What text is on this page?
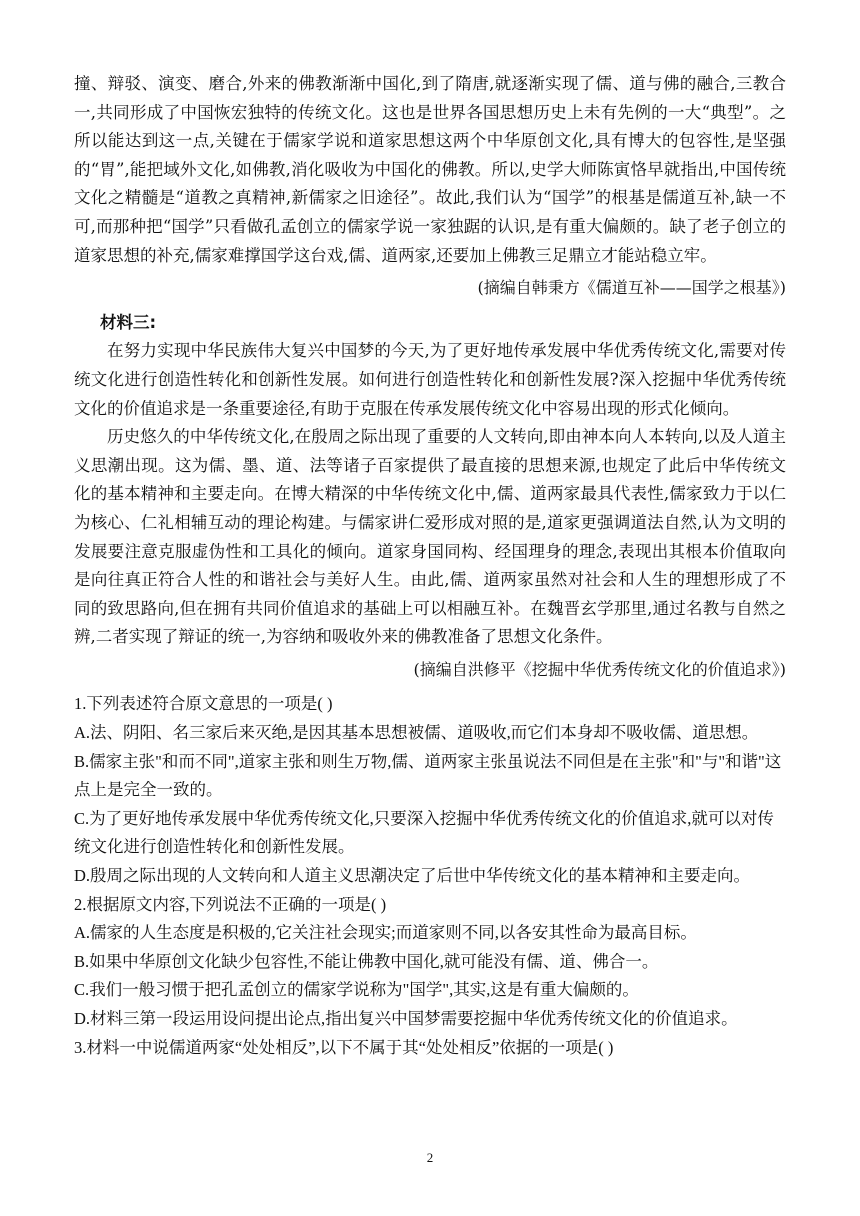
撞、辩驳、演变、磨合,外来的佛教渐渐中国化,到了隋唐,就逐渐实现了儒、道与佛的融合,三教合一,共同形成了中国恢宏独特的传统文化。这也是世界各国思想历史上未有先例的一大“典型”。之所以能达到这一点,关键在于儒家学说和道家思想这两个中华原创文化,具有博大的包容性,是坚强的“胃”,能把域外文化,如佛教,消化吸收为中国化的佛教。所以,史学大师陈寅恪早就指出,中国传统文化之精髓是“道教之真精神,新儒家之旧途径”。故此,我们认为“国学”的根基是儒道互补,缺一不可,而那种把“国学”只看做孔孟创立的儒家学说一家独踞的认识,是有重大偏颇的。缺了老子创立的道家思想的补充,儒家难撑国学这台戏,儒、道两家,还要加上佛教三足鼎立才能站稳立牢。

(摘编自韩秉方《儒道互补——国学之根基》)

材料三:

在努力实现中华民族伟大复兴中国梦的今天,为了更好地传承发展中华优秀传统文化,需要对传统文化进行创造性转化和创新性发展。如何进行创造性转化和创新性发展?深入挖掘中华优秀传统文化的价值追求是一条重要途径,有助于克服在传承发展传统文化中容易出现的形式化倾向。

历史悠久的中华传统文化,在殷周之际出现了重要的人文转向,即由神本向人本转向,以及人道主义思潮出现。这为儒、墨、道、法等诸子百家提供了最直接的思想来源,也规定了此后中华传统文化的基本精神和主要走向。在博大精深的中华传统文化中,儒、道两家最具代表性,儒家致力于以仁为核心、仁礼相辅互动的理论构建。与儒家讲仁爱形成对照的是,道家更强调道法自然,认为文明的发展要注意克服虚伪性和工具化的倾向。道家身国同构、经国理身的理念,表现出其根本价值取向是向往真正符合人性的和谐社会与美好人生。由此,儒、道两家虽然对社会和人生的理想形成了不同的致思路向,但在拥有共同价值追求的基础上可以相融互补。在魏晋玄学那里,通过名教与自然之辨,二者实现了辩证的统一,为容纳和吸收外来的佛教准备了思想文化条件。

(摘编自洪修平《挖掘中华优秀传统文化的价值追求》)

1.下列表述符合原文意思的一项是( )

A.法、阴阳、名三家后来灭绝,是因其基本思想被儒、道吸收,而它们本身却不吸收儒、道思想。

B.儒家主张"和而不同",道家主张和则生万物,儒、道两家主张虽说法不同但是在主张"和"与"和谐"这点上是完全一致的。

C.为了更好地传承发展中华优秀传统文化,只要深入挖掘中华优秀传统文化的价值追求,就可以对传统文化进行创造性转化和创新性发展。

D.殷周之际出现的人文转向和人道主义思潮决定了后世中华传统文化的基本精神和主要走向。

2.根据原文内容,下列说法不正确的一项是( )

A.儒家的人生态度是积极的,它关注社会现实;而道家则不同,以各安其性命为最高目标。

B.如果中华原创文化缺少包容性,不能让佛教中国化,就可能没有儒、道、佛合一。

C.我们一般习惯于把孔孟创立的儒家学说称为"国学",其实,这是有重大偏颇的。

D.材料三第一段运用设问提出论点,指出复兴中国梦需要挖掘中华优秀传统文化的价值追求。

3.材料一中说儒道两家“处处相反”,以下不属于其“处处相反”依据的一项是( )

2
